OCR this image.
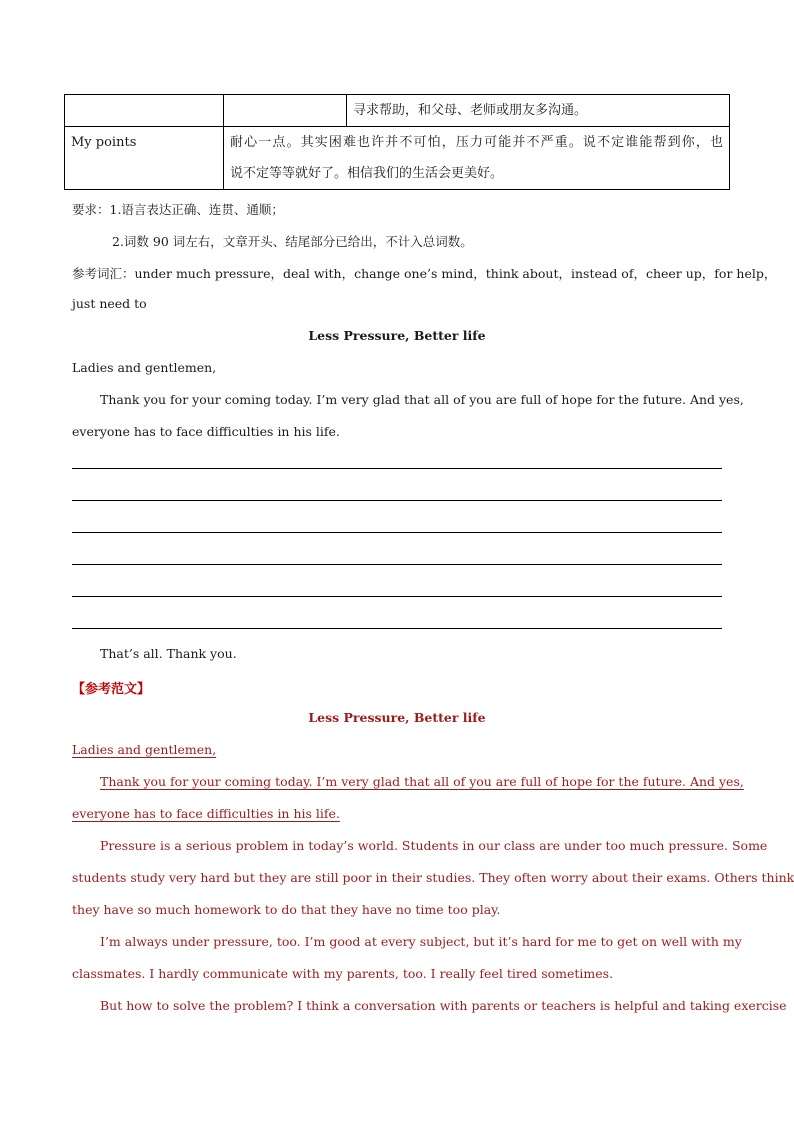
		寻求帮助，和父母、老师或朋友多沟通。
My points	耐心一点。其实困难也许并不可怕，压力可能并不严重。说不定谁能帮到你，也
说不定等等就好了。相信我们的生活会更美好。	
要求：1.语言表达正确、连贯、通顺；
2.词数 90 词左右，文章开头、结尾部分已给出，不计入总词数。
参考词汇：under much pressure，deal with，change one’s mind，think about，instead of，cheer up，for help，
just need to
Less Pressure, Better life
Ladies and gentlemen,
Thank you for your coming today. I’m very glad that all of you are full of hope for the future. And yes,
everyone has to face difficulties in his life.
That’s all. Thank you.
【参考范文】
Less Pressure, Better life
Ladies and gentlemen,
Thank you for your coming today. I’m very glad that all of you are full of hope for the future. And yes,
everyone has to face difficulties in his life.
Pressure is a serious problem in today’s world. Students in our class are under too much pressure. Some
students study very hard but they are still poor in their studies. They often worry about their exams. Others think
they have so much homework to do that they have no time too play.
I’m always under pressure, too. I’m good at every subject, but it’s hard for me to get on well with my
classmates. I hardly communicate with my parents, too. I really feel tired sometimes.
But how to solve the problem? I think a conversation with parents or teachers is helpful and taking exercise
